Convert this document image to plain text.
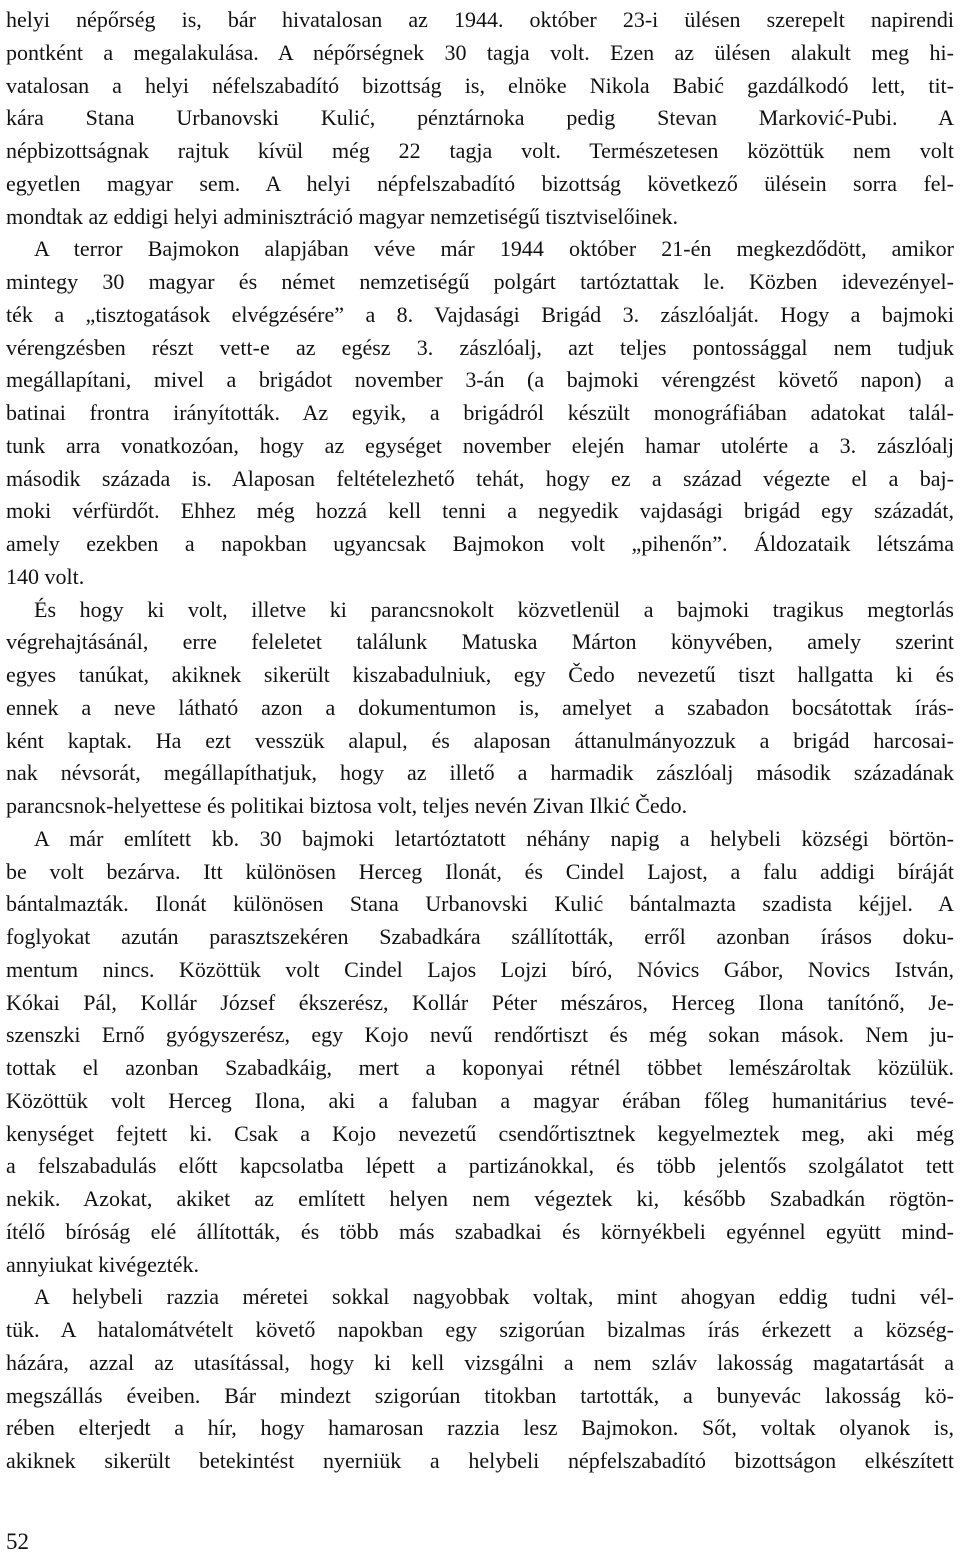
helyi népőrség is, bár hivatalosan az 1944. október 23-i ülésen szerepelt napirendi
pontként a megalakulása. A népőrségnek 30 tagja volt. Ezen az ülésen alakult meg hi-
vatalosan a helyi néfelszabadító bizottság is, elnöke Nikola Babić gazdálkodó lett, tit-
kára Stana Urbanovski Kulić, pénztárnoka pedig Stevan Marković-Pubi. A
népbizottságnak rajtuk kívül még 22 tagja volt. Természetesen közöttük nem volt
egyetlen magyar sem. A helyi népfelszabadító bizottság következő ülésein sorra fel-
mondtak az eddigi helyi adminisztráció magyar nemzetiségű tisztviselőinek.
A terror Bajmokon alapjában véve már 1944 október 21-én megkezdődött, amikor
mintegy 30 magyar és német nemzetiségű polgárt tartóztattak le. Közben idevezényel-
ték a „tisztogatások elvégzésére” a 8. Vajdasági Brigád 3. zászlóalját. Hogy a bajmoki
vérengzésben részt vett-e az egész 3. zászlóalj, azt teljes pontossággal nem tudjuk
megállapítani, mivel a brigádot november 3-án (a bajmoki vérengzést követő napon) a
batinai frontra irányították. Az egyik, a brigádról készült monográfiában adatokat talál-
tunk arra vonatkozóan, hogy az egységet november elején hamar utolérte a 3. zászlóalj
második százada is. Alaposan feltételezhető tehát, hogy ez a század végezte el a baj-
moki vérfürdőt. Ehhez még hozzá kell tenni a negyedik vajdasági brigád egy századát,
amely ezekben a napokban ugyancsak Bajmokon volt „pihenőn”. Áldozataik létszáma
140 volt.
És hogy ki volt, illetve ki parancsnokolt közvetlenül a bajmoki tragikus megtorlás
végrehajtásánál, erre feleletet találunk Matuska Márton könyvében, amely szerint
egyes tanúkat, akiknek sikerült kiszabadulniuk, egy Čedo nevezetű tiszt hallgatta ki és
ennek a neve látható azon a dokumentumon is, amelyet a szabadon bocsátottak írás-
ként kaptak. Ha ezt vesszük alapul, és alaposan áttanulmányozzuk a brigád harcosai-
nak névsorát, megállapíthatjuk, hogy az illető a harmadik zászlóalj második századának
parancsnok-helyettese és politikai biztosa volt, teljes nevén Zivan Ilkić Čedo.
A már említett kb. 30 bajmoki letartóztatott néhány napig a helybeli községi börtön-
be volt bezárva. Itt különösen Herceg Ilonát, és Cindel Lajost, a falu addigi bíráját
bántalmazták. Ilonát különösen Stana Urbanovski Kulić bántalmazta szadista kéjjel. A
foglyokat azután parasztszekéren Szabadkára szállították, erről azonban írásos doku-
mentum nincs. Közöttük volt Cindel Lajos Lojzi bíró, Nóvics Gábor, Novics István,
Kókai Pál, Kollár József ékszerész, Kollár Péter mészáros, Herceg Ilona tanítónő, Je-
szenszki Ernő gyógyszerész, egy Kojo nevű rendőrtiszt és még sokan mások. Nem ju-
tottak el azonban Szabadkáig, mert a koponyai rétnél többet lemészároltak közülük.
Közöttük volt Herceg Ilona, aki a faluban a magyar érában főleg humanitárius tevé-
kenységet fejtett ki. Csak a Kojo nevezetű csendőrtisztnek kegyelmeztek meg, aki még
a felszabadulás előtt kapcsolatba lépett a partizánokkal, és több jelentős szolgálatot tett
nekik. Azokat, akiket az említett helyen nem végeztek ki, később Szabadkán rögtön-
ítélő bíróság elé állították, és több más szabadkai és környékbeli egyénnel együtt mind-
annyiukat kivégezték.
A helybeli razzia méretei sokkal nagyobbak voltak, mint ahogyan eddig tudni vél-
tük. A hatalomátvételt követő napokban egy szigorúan bizalmas írás érkezett a község-
házára, azzal az utasítással, hogy ki kell vizsgálni a nem szláv lakosság magatartását a
megszállás éveiben. Bár mindezt szigorúan titokban tartották, a bunyevác lakosság kö-
rében elterjedt a hír, hogy hamarosan razzia lesz Bajmokon. Sőt, voltak olyanok is,
akiknek sikerült betekintést nyerniük a helybeli népfelszabadító bizottságon elkészített
52
